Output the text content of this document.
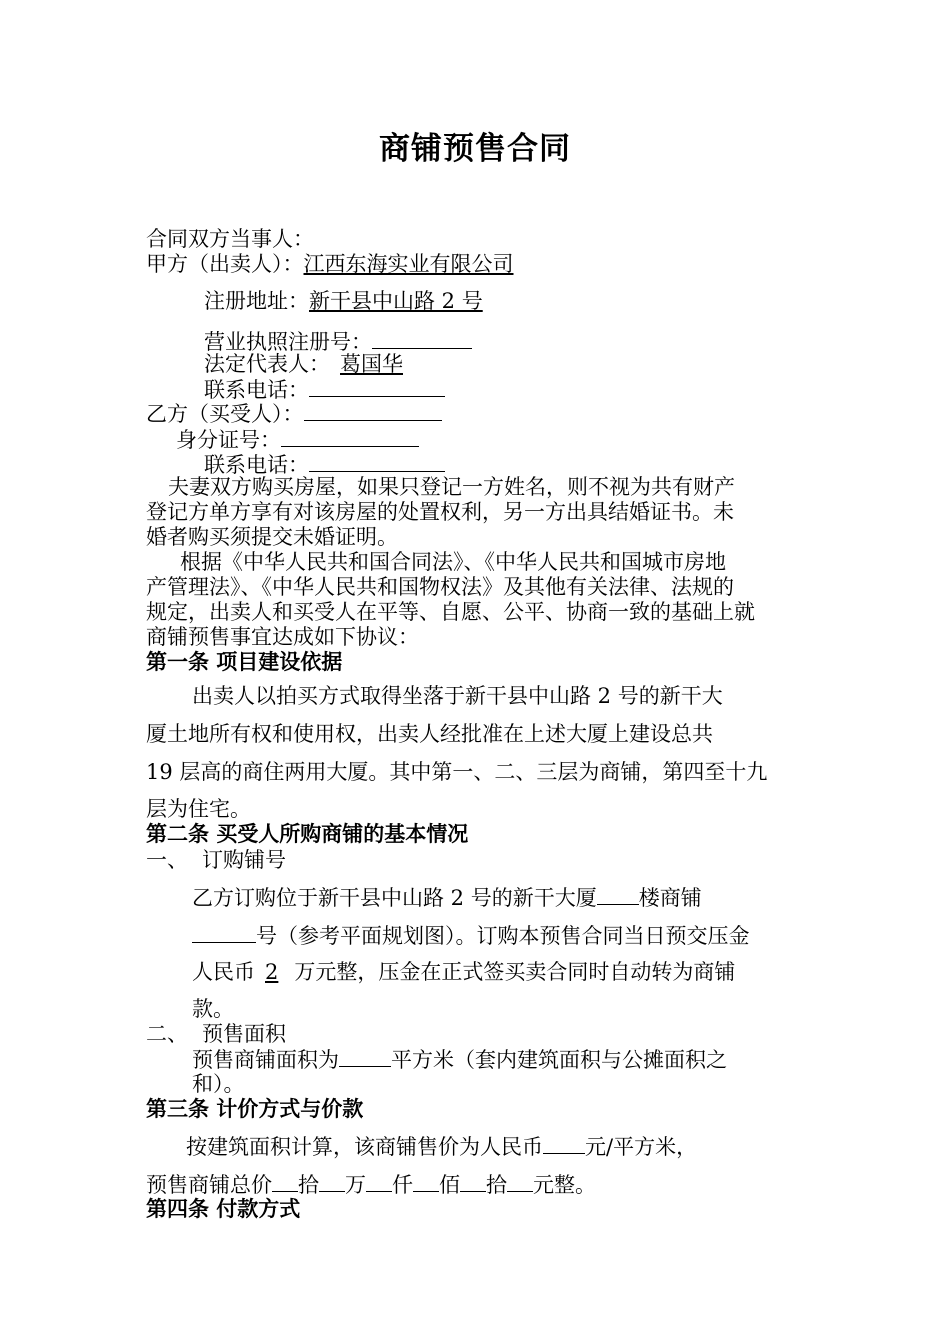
商铺预售合同
合同双方当事人：
甲方（出卖人）：江西东海实业有限公司
注册地址：新干县中山路 2 号
营业执照注册号：
法定代表人： 葛国华
联系电话：
乙方（买受人）：
身分证号：
联系电话：
夫妻双方购买房屋，如果只登记一方姓名，则不视为共有财产
登记方单方享有对该房屋的处置权利，另一方出具结婚证书。未
婚者购买须提交未婚证明。
根据《中华人民共和国合同法》、《中华人民共和国城市房地
产管理法》、《中华人民共和国物权法》及其他有关法律、法规的
规定，出卖人和买受人在平等、自愿、公平、协商一致的基础上就
商铺预售事宜达成如下协议：
第一条 项目建设依据
出卖人以拍买方式取得坐落于新干县中山路 2 号的新干大
厦土地所有权和使用权，出卖人经批准在上述大厦上建设总共
19 层高的商住两用大厦。其中第一、二、三层为商铺，第四至十九
层为住宅。
第二条 买受人所购商铺的基本情况
一、 订购铺号
乙方订购位于新干县中山路 2 号的新干大厦 楼商铺
号（参考平面规划图）。订购本预售合同当日预交压金
人民币 2 万元整，压金在正式签买卖合同时自动转为商铺
款。
二、 预售面积
预售商铺面积为 平方米（套内建筑面积与公摊面积之
和）。
第三条 计价方式与价款
按建筑面积计算，该商铺售价为人民币 元/平方米，
预售商铺总价 拾 万 仟 佰 拾 元整。
第四条 付款方式
